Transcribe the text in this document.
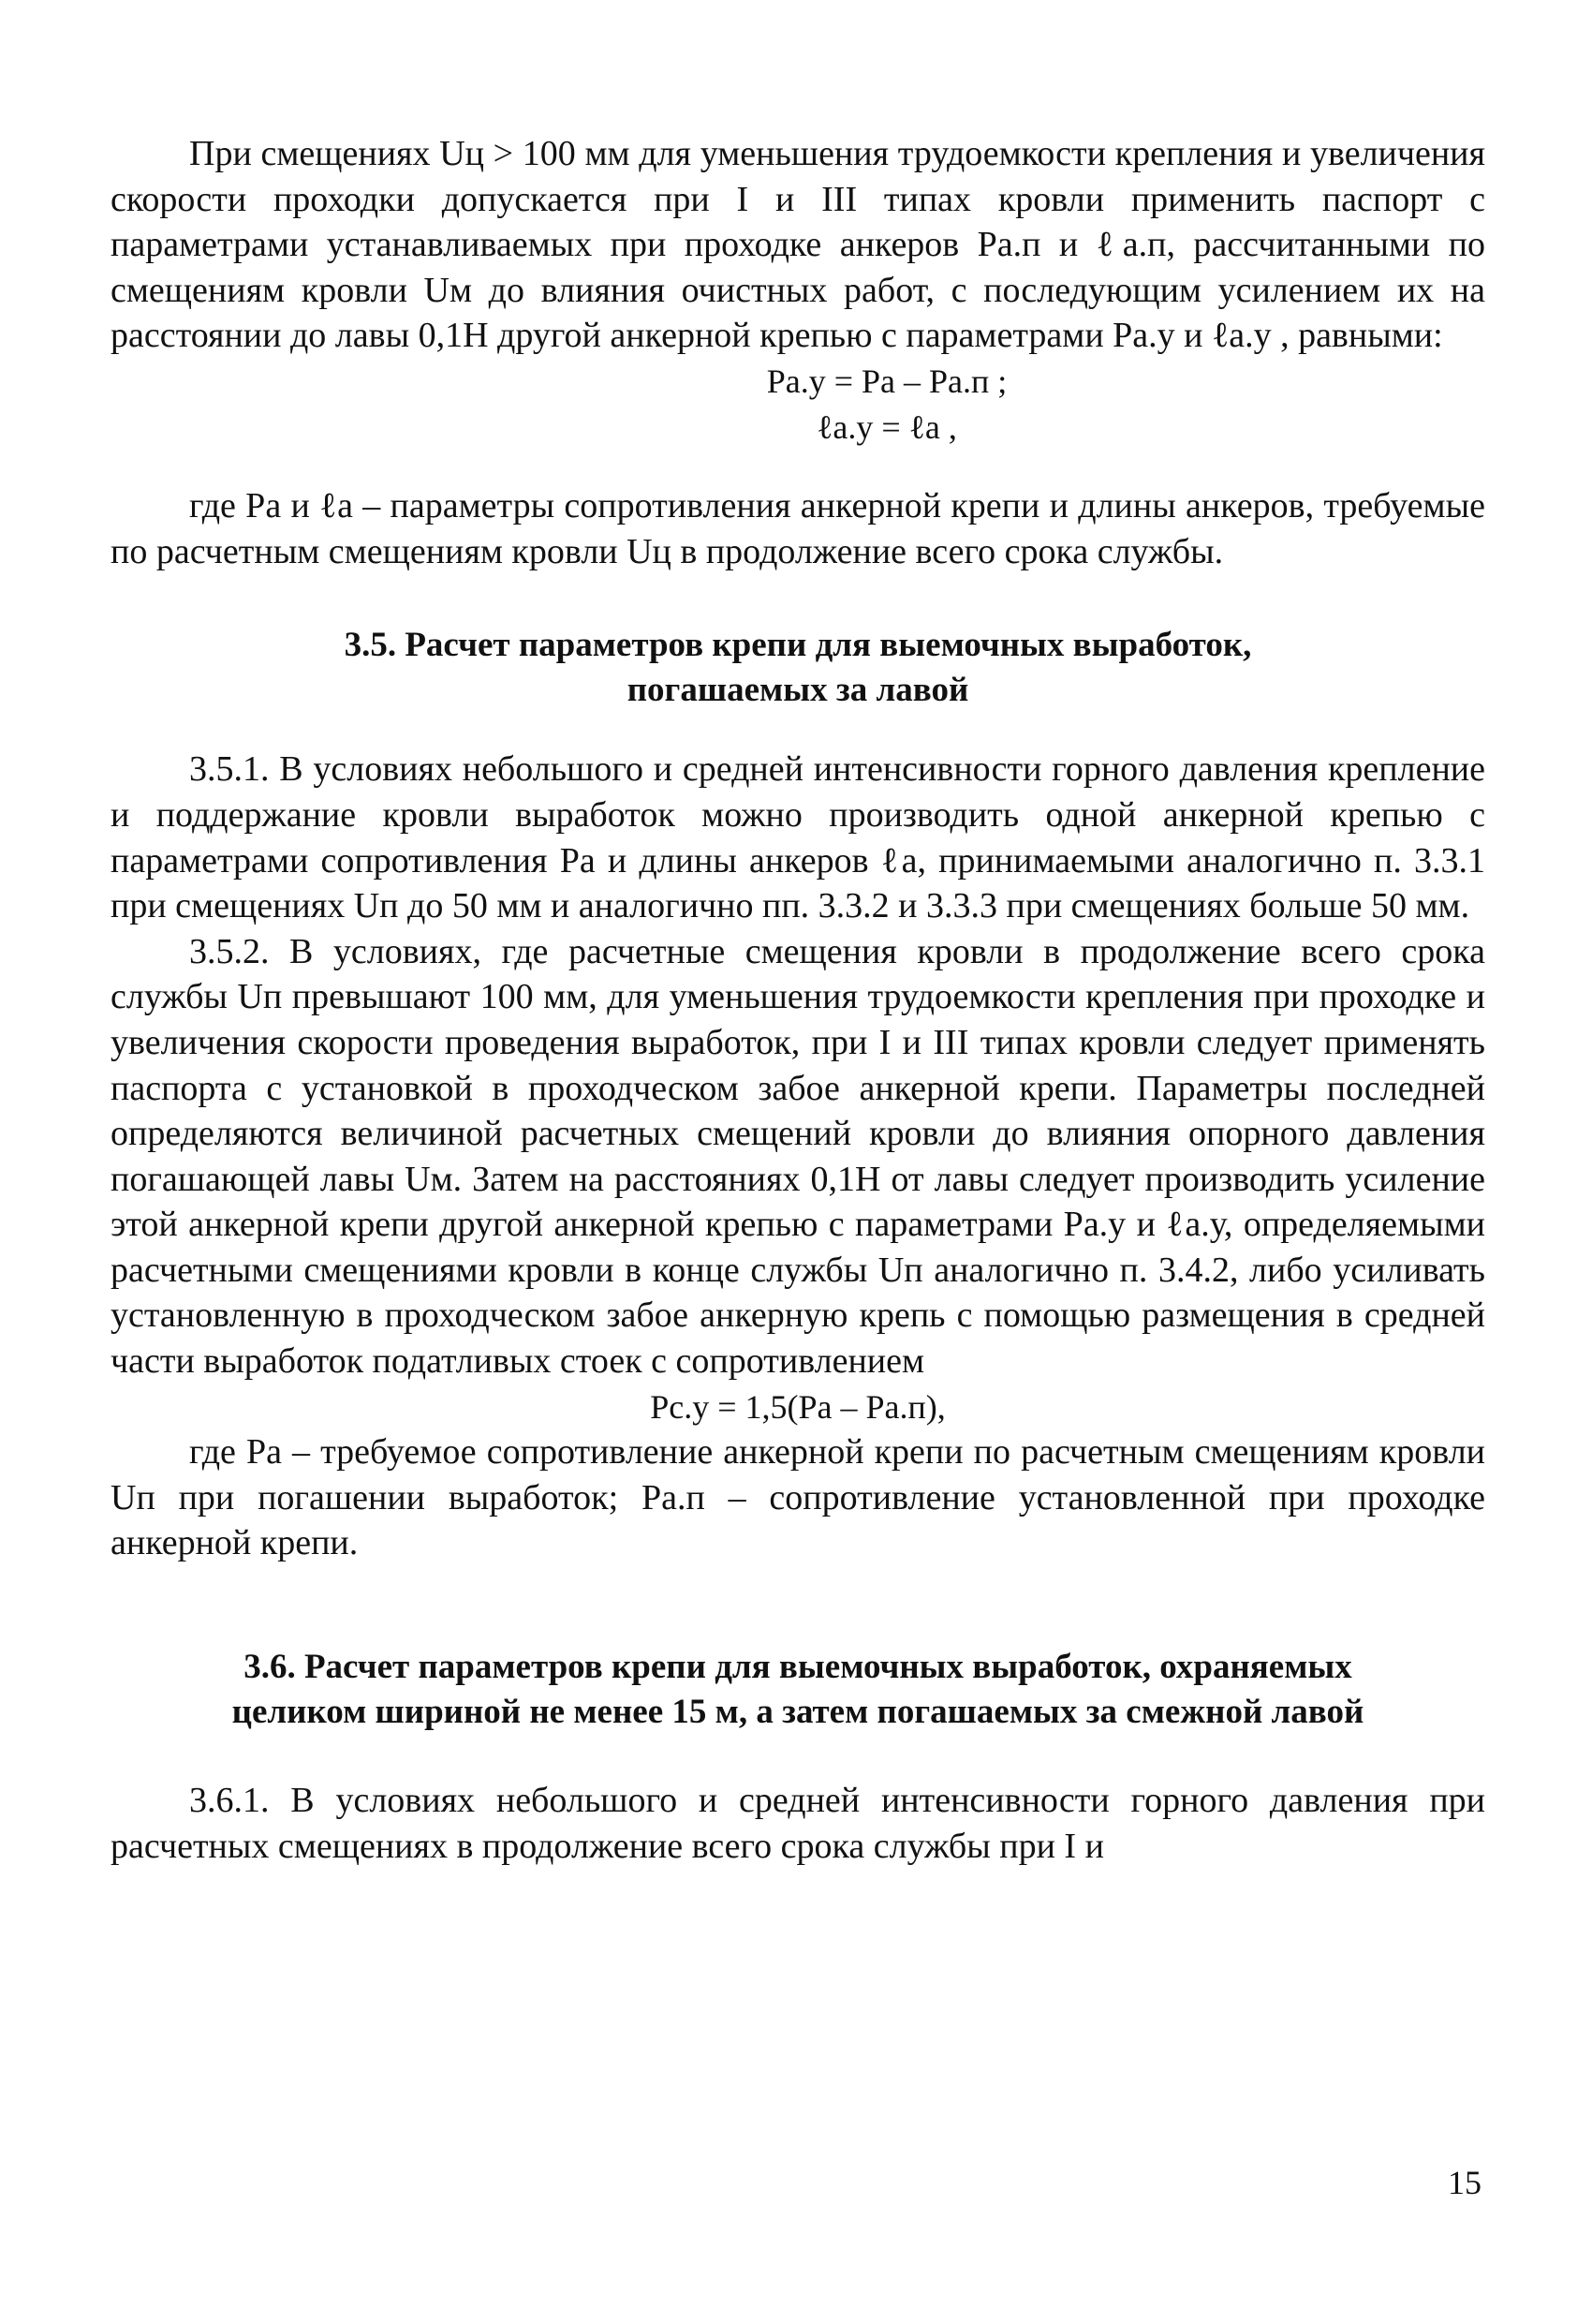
При смещениях Uц > 100 мм для уменьшения трудоемкости крепления и увеличения скорости проходки допускается при I и III типах кровли применить паспорт с параметрами устанавливаемых при проходке анкеров Pа.п и ℓа.п, рассчитанными по смещениям кровли Uм до влияния очистных работ, с последующим усилением их на расстоянии до лавы 0,1H другой анкерной крепью с параметрами Pа.у и ℓа.у , равными:

Pа.у = Pа – Pа.п ;

ℓа.у = ℓа ,

где Pа и ℓа – параметры сопротивления анкерной крепи и длины анкеров, требуемые по расчетным смещениям кровли Uц в продолжение всего срока службы.

3.5. Расчет параметров крепи для выемочных выработок,
погашаемых за лавой

3.5.1. В условиях небольшого и средней интенсивности горного давления крепление и поддержание кровли выработок можно производить одной анкерной крепью с параметрами сопротивления Pа и длины анкеров ℓа, принимаемыми аналогично п. 3.3.1 при смещениях Uп до 50 мм и аналогично пп. 3.3.2 и 3.3.3 при смещениях больше 50 мм.

3.5.2. В условиях, где расчетные смещения кровли в продолжение всего срока службы Uп превышают 100 мм, для уменьшения трудоемкости крепления при проходке и увеличения скорости проведения выработок, при I и III типах кровли следует применять паспорта с установкой в проходческом забое анкерной крепи. Параметры последней определяются величиной расчетных смещений кровли до влияния опорного давления погашающей лавы Uм. Затем на расстояниях 0,1H от лавы следует производить усиление этой анкерной крепи другой анкерной крепью с параметрами Pа.у и ℓа.у, определяемыми расчетными смещениями кровли в конце службы Uп аналогично п. 3.4.2, либо усиливать установленную в проходческом забое анкерную крепь с помощью размещения в средней части выработок податливых стоек с сопротивлением

Pс.у = 1,5(Pа – Pа.п),

где Pа – требуемое сопротивление анкерной крепи по расчетным смещениям кровли Uп при погашении выработок; Pа.п – сопротивление установленной при проходке анкерной крепи.

3.6. Расчет параметров крепи для выемочных выработок, охраняемых
целиком шириной не менее 15 м, а затем погашаемых за смежной лавой

3.6.1. В условиях небольшого и средней интенсивности горного давления при расчетных смещениях в продолжение всего срока службы при I и

15
